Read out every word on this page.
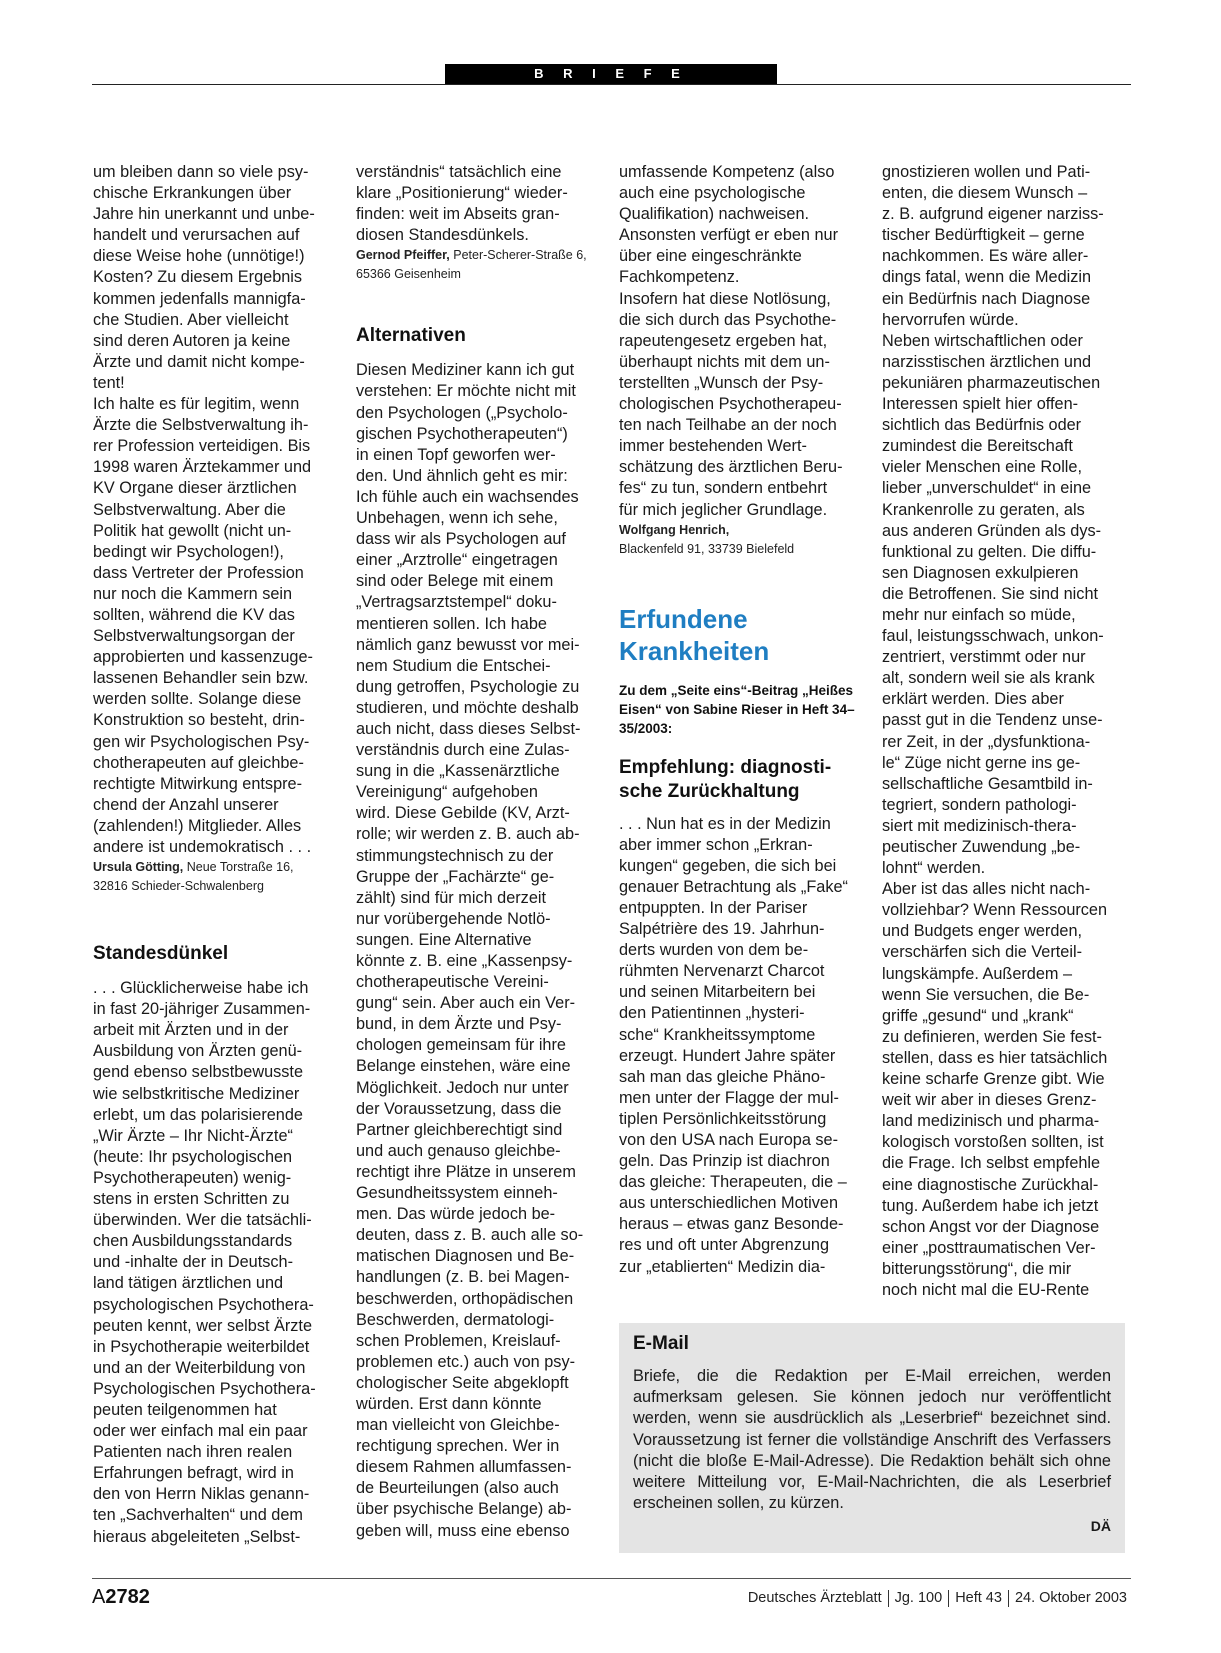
B R I E F E

um bleiben dann so viele psy-

chische Erkrankungen über

Jahre hin unerkannt und unbe-

handelt und verursachen auf

diese Weise hohe (unnötige!)

Kosten? Zu diesem Ergebnis

kommen jedenfalls mannigfa-

che Studien. Aber vielleicht

sind deren Autoren ja keine

Ärzte und damit nicht kompe-

tent!

Ich halte es für legitim, wenn

Ärzte die Selbstverwaltung ih-

rer Profession verteidigen. Bis

1998 waren Ärztekammer und

KV Organe dieser ärztlichen

Selbstverwaltung. Aber die

Politik hat gewollt (nicht un-

bedingt wir Psychologen!),

dass Vertreter der Profession

nur noch die Kammern sein

sollten, während die KV das

Selbstverwaltungsorgan der

approbierten und kassenzuge-

lassenen Behandler sein bzw.

werden sollte. Solange diese

Konstruktion so besteht, drin-

gen wir Psychologischen Psy-

chotherapeuten auf gleichbe-

rechtigte Mitwirkung entspre-

chend der Anzahl unserer

(zahlenden!) Mitglieder. Alles

andere ist undemokratisch . . .

Ursula Götting, Neue Torstraße 16,
32816 Schieder-Schwalenberg

Standesdünkel

. . . Glücklicherweise habe ich

in fast 20-jähriger Zusammen-

arbeit mit Ärzten und in der

Ausbildung von Ärzten genü-

gend ebenso selbstbewusste

wie selbstkritische Mediziner

erlebt, um das polarisierende

„Wir Ärzte – Ihr Nicht-Ärzte“

(heute: Ihr psychologischen

Psychotherapeuten) wenig-

stens in ersten Schritten zu

überwinden. Wer die tatsächli-

chen Ausbildungsstandards

und -inhalte der in Deutsch-

land tätigen ärztlichen und

psychologischen Psychothera-

peuten kennt, wer selbst Ärzte

in Psychotherapie weiterbildet

und an der Weiterbildung von

Psychologischen Psychothera-

peuten teilgenommen hat

oder wer einfach mal ein paar

Patienten nach ihren realen

Erfahrungen befragt, wird in

den von Herrn Niklas genann-

ten „Sachverhalten“ und dem

hieraus abgeleiteten „Selbst-

verständnis“ tatsächlich eine

klare „Positionierung“ wieder-

finden: weit im Abseits gran-

diosen Standesdünkels.

Gernod Pfeiffer, Peter-Scherer-Straße 6,
65366 Geisenheim

Alternativen

Diesen Mediziner kann ich gut

verstehen: Er möchte nicht mit

den Psychologen („Psycholo-

gischen Psychotherapeuten“)

in einen Topf geworfen wer-

den. Und ähnlich geht es mir:

Ich fühle auch ein wachsendes

Unbehagen, wenn ich sehe,

dass wir als Psychologen auf

einer „Arztrolle“ eingetragen

sind oder Belege mit einem

„Vertragsarztstempel“ doku-

mentieren sollen. Ich habe

nämlich ganz bewusst vor mei-

nem Studium die Entschei-

dung getroffen, Psychologie zu

studieren, und möchte deshalb

auch nicht, dass dieses Selbst-

verständnis durch eine Zulas-

sung in die „Kassenärztliche

Vereinigung“ aufgehoben

wird. Diese Gebilde (KV, Arzt-

rolle; wir werden z. B. auch ab-

stimmungstechnisch zu der

Gruppe der „Fachärzte“ ge-

zählt) sind für mich derzeit

nur vorübergehende Notlö-

sungen. Eine Alternative

könnte z. B. eine „Kassenpsy-

chotherapeutische Vereini-

gung“ sein. Aber auch ein Ver-

bund, in dem Ärzte und Psy-

chologen gemeinsam für ihre

Belange einstehen, wäre eine

Möglichkeit. Jedoch nur unter

der Voraussetzung, dass die

Partner gleichberechtigt sind

und auch genauso gleichbe-

rechtigt ihre Plätze in unserem

Gesundheitssystem einneh-

men. Das würde jedoch be-

deuten, dass z. B. auch alle so-

matischen Diagnosen und Be-

handlungen (z. B. bei Magen-

beschwerden, orthopädischen

Beschwerden, dermatologi-

schen Problemen, Kreislauf-

problemen etc.) auch von psy-

chologischer Seite abgeklopft

würden. Erst dann könnte

man vielleicht von Gleichbe-

rechtigung sprechen. Wer in

diesem Rahmen allumfassen-

de Beurteilungen (also auch

über psychische Belange) ab-

geben will, muss eine ebenso

umfassende Kompetenz (also

auch eine psychologische

Qualifikation) nachweisen.

Ansonsten verfügt er eben nur

über eine eingeschränkte

Fachkompetenz.

Insofern hat diese Notlösung,

die sich durch das Psychothe-

rapeutengesetz ergeben hat,

überhaupt nichts mit dem un-

terstellten „Wunsch der Psy-

chologischen Psychotherapeu-

ten nach Teilhabe an der noch

immer bestehenden Wert-

schätzung des ärztlichen Beru-

fes“ zu tun, sondern entbehrt

für mich jeglicher Grundlage.

Wolfgang Henrich,
Blackenfeld 91, 33739 Bielefeld

Erfundene
Krankheiten

Zu dem „Seite eins“-Beitrag „Heißes Eisen“ von Sabine Rieser in Heft 34–35/2003:

Empfehlung: diagnosti-
sche Zurückhaltung

. . . Nun hat es in der Medizin

aber immer schon „Erkran-

kungen“ gegeben, die sich bei

genauer Betrachtung als „Fake“

entpuppten. In der Pariser

Salpétrière des 19. Jahrhun-

derts wurden von dem be-

rühmten Nervenarzt Charcot

und seinen Mitarbeitern bei

den Patientinnen „hysteri-

sche“ Krankheitssymptome

erzeugt. Hundert Jahre später

sah man das gleiche Phäno-

men unter der Flagge der mul-

tiplen Persönlichkeitsstörung

von den USA nach Europa se-

geln. Das Prinzip ist diachron

das gleiche: Therapeuten, die –

aus unterschiedlichen Motiven

heraus – etwas ganz Besonde-

res und oft unter Abgrenzung

zur „etablierten“ Medizin dia-

gnostizieren wollen und Pati-

enten, die diesem Wunsch –

z. B. aufgrund eigener narziss-

tischer Bedürftigkeit – gerne

nachkommen. Es wäre aller-

dings fatal, wenn die Medizin

ein Bedürfnis nach Diagnose

hervorrufen würde.

Neben wirtschaftlichen oder

narzisstischen ärztlichen und

pekuniären pharmazeutischen

Interessen spielt hier offen-

sichtlich das Bedürfnis oder

zumindest die Bereitschaft

vieler Menschen eine Rolle,

lieber „unverschuldet“ in eine

Krankenrolle zu geraten, als

aus anderen Gründen als dys-

funktional zu gelten. Die diffu-

sen Diagnosen exkulpieren

die Betroffenen. Sie sind nicht

mehr nur einfach so müde,

faul, leistungsschwach, unkon-

zentriert, verstimmt oder nur

alt, sondern weil sie als krank

erklärt werden. Dies aber

passt gut in die Tendenz unse-

rer Zeit, in der „dysfunktiona-

le“ Züge nicht gerne ins ge-

sellschaftliche Gesamtbild in-

tegriert, sondern pathologi-

siert mit medizinisch-thera-

peutischer Zuwendung „be-

lohnt“ werden.

Aber ist das alles nicht nach-

vollziehbar? Wenn Ressourcen

und Budgets enger werden,

verschärfen sich die Verteil-

lungskämpfe. Außerdem –

wenn Sie versuchen, die Be-

griffe „gesund“ und „krank“

zu definieren, werden Sie fest-

stellen, dass es hier tatsächlich

keine scharfe Grenze gibt. Wie

weit wir aber in dieses Grenz-

land medizinisch und pharma-

kologisch vorstoßen sollten, ist

die Frage. Ich selbst empfehle

eine diagnostische Zurückhal-

tung. Außerdem habe ich jetzt

schon Angst vor der Diagnose

einer „posttraumatischen Ver-

bitterungsstörung“, die mir

noch nicht mal die EU-Rente

E-Mail

Briefe, die die Redaktion per E-Mail erreichen, werden aufmerksam gelesen. Sie können jedoch nur veröffentlicht werden, wenn sie ausdrücklich als „Leserbrief“ bezeichnet sind. Voraussetzung ist ferner die vollständige Anschrift des Verfassers (nicht die bloße E-Mail-Adresse). Die Redaktion behält sich ohne weitere Mitteilung vor, E-Mail-Nachrichten, die als Leserbrief erscheinen sollen, zu kürzen.

DÄ
A2782	Deutsches Ärzteblatt Jg. 100 Heft 43 24. Oktober 2003
